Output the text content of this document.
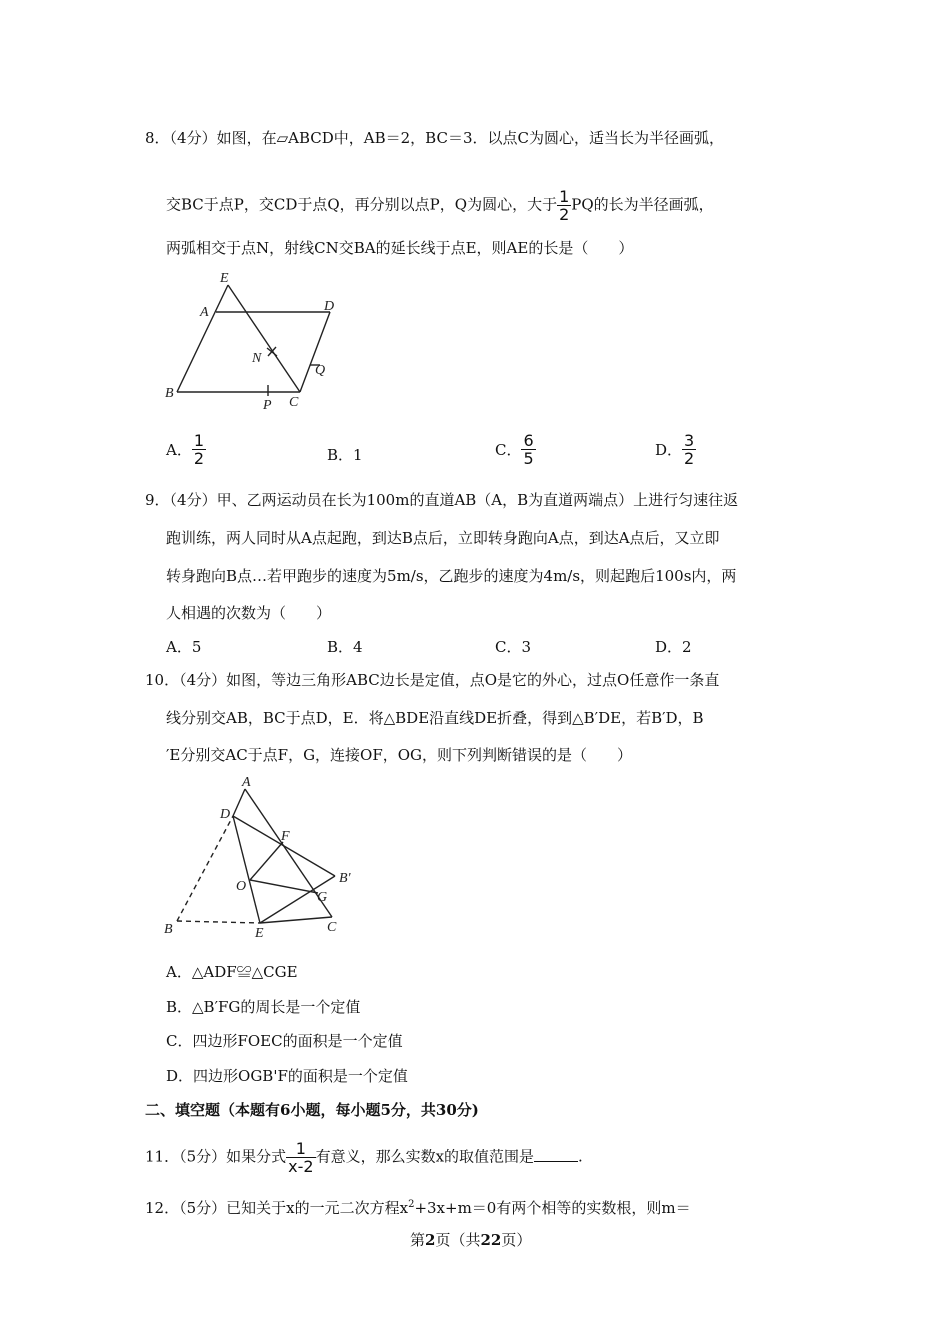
8．（4分）如图，在▱ABCD中，AB＝2，BC＝3．以点C为圆心，适当长为半径画弧，
交BC于点P，交CD于点Q，再分别以点P，Q为圆心，大于 $\frac{1}{2}$ PQ的长为半径画弧，
两弧相交于点N，射线CN交BA的延长线于点E，则AE的长是（　　）
E
A	D
N
Q
B
P C
A． $\frac{1}{2}$	B．1	C． $\frac{6}{5}$	D． $\frac{3}{2}$
9．（4分）甲、乙两运动员在长为100m的直道AB（A，B为直道两端点）上进行匀速往返
跑训练，两人同时从A点起跑，到达B点后，立即转身跑向A点，到达A点后，又立即
转身跑向B点…若甲跑步的速度为5m/s，乙跑步的速度为4m/s，则起跑后100s内，两
人相遇的次数为（　　）
A．5	B．4	C．3	D．2
10．（4分）如图，等边三角形ABC边长是定值，点O是它的外心，过点O任意作一条直
线分别交AB，BC于点D，E．将△BDE沿直线DE折叠，得到△B′DE，若B′D，B
′E分别交AC于点F，G，连接OF，OG，则下列判断错误的是（　　）
A
D
F
B'
O
G
B	E	C
A．△ADF≌△CGE
B．△B′FG的周长是一个定值
C．四边形FOEC的面积是一个定值
D．四边形OGB'F的面积是一个定值
二、填空题（本题有6小题，每小题5分，共30分)
11．（5分）如果分式 $\frac{1}{x-2}$ 有意义，那么实数x的取值范围是	.
12．（5分）已知关于x的一元二次方程$x^2+3x+m=0$有两个相等的实数根，则m＝
第2页（共22页）
